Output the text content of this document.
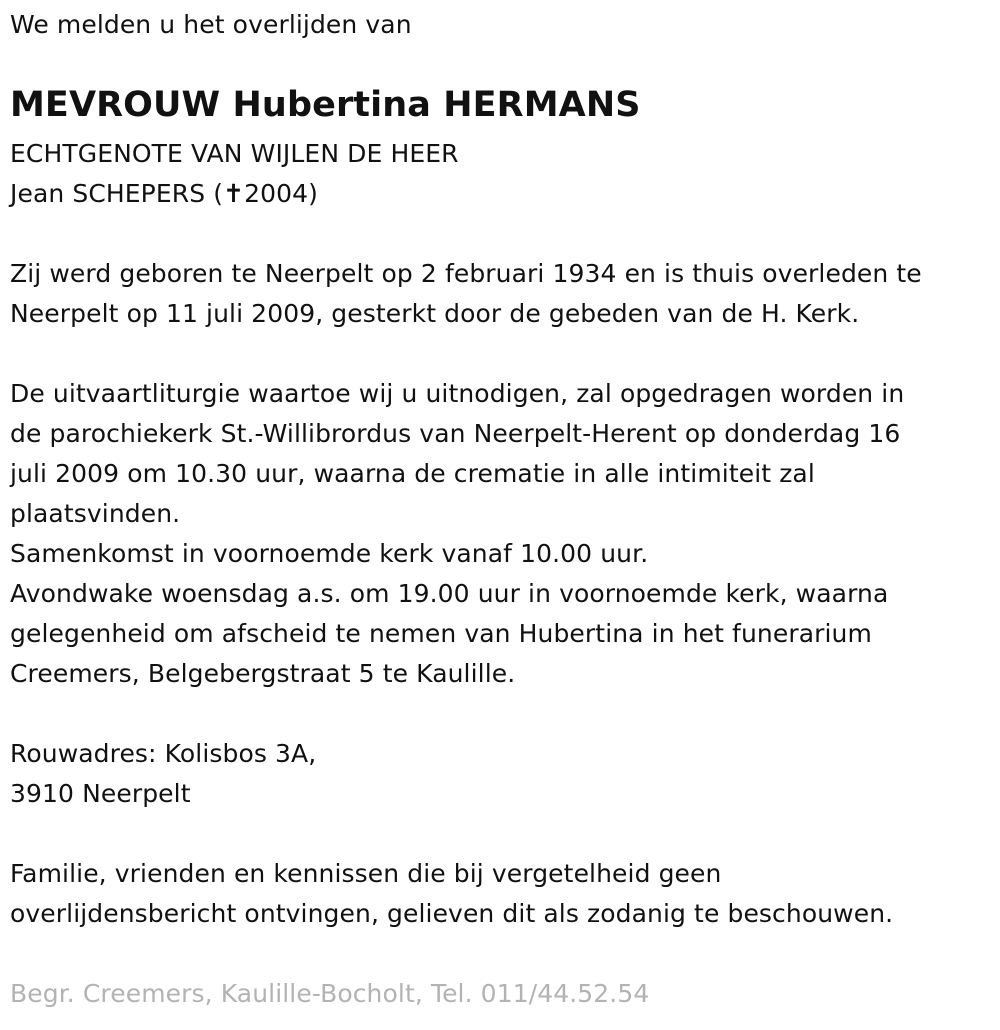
We melden u het overlijden van
MEVROUW Hubertina HERMANS
ECHTGENOTE VAN WIJLEN DE HEER
Jean SCHEPERS (✝2004)
Zij werd geboren te Neerpelt op 2 februari 1934 en is thuis overleden te
Neerpelt op 11 juli 2009, gesterkt door de gebeden van de H. Kerk.
De uitvaartliturgie waartoe wij u uitnodigen, zal opgedragen worden in
de parochiekerk St.-Willibrordus van Neerpelt-Herent op donderdag 16
juli 2009 om 10.30 uur, waarna de crematie in alle intimiteit zal
plaatsvinden.
Samenkomst in voornoemde kerk vanaf 10.00 uur.
Avondwake woensdag a.s. om 19.00 uur in voornoemde kerk, waarna
gelegenheid om afscheid te nemen van Hubertina in het funerarium
Creemers, Belgebergstraat 5 te Kaulille.
Rouwadres: Kolisbos 3A,
3910 Neerpelt
Familie, vrienden en kennissen die bij vergetelheid geen
overlijdensbericht ontvingen, gelieven dit als zodanig te beschouwen.
Begr. Creemers, Kaulille-Bocholt, Tel. 011/44.52.54
